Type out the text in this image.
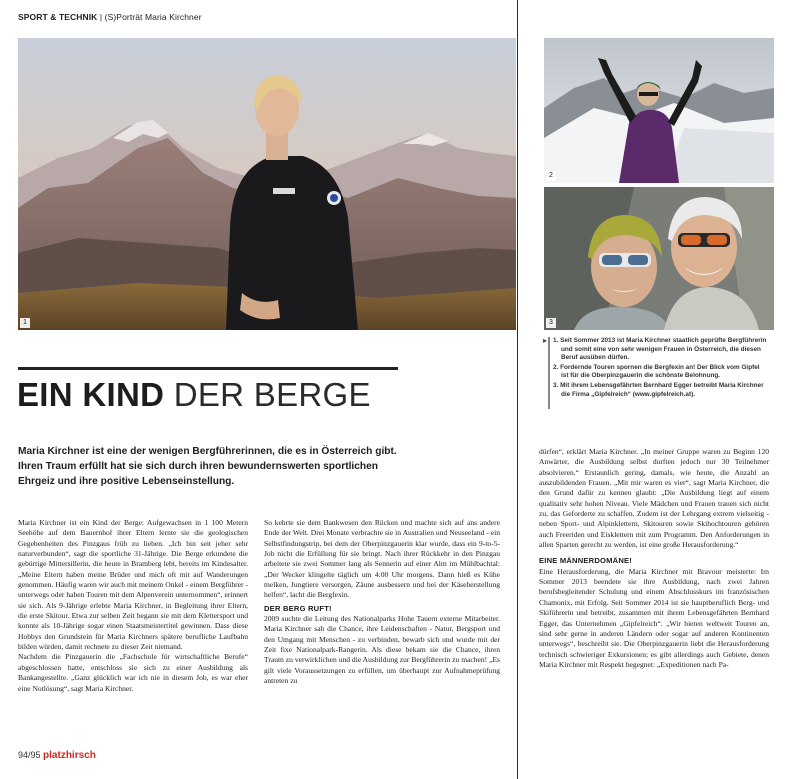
SPORT & TECHNIK | (S)Porträt Maria Kirchner
1
2
3
▸ 1. Seit Sommer 2013 ist Maria Kirchner staatlich geprüfte Bergführerin und somit eine von sehr wenigen Frauen in Österreich, die diesen Beruf ausüben dürfen.

2. Fordernde Touren spornen die Bergfexin an! Der Blick vom Gipfel ist für die Oberpinzgauerin die schönste Belohnung.

3. Mit ihrem Lebensgefährten Bernhard Egger betreibt Maria Kirchner die Firma „Gipfelreich“ (www.gipfelreich.at).

EIN KIND DER BERGE
Maria Kirchner ist eine der wenigen Bergführerinnen, die es in Österreich gibt. Ihren Traum erfüllt hat sie sich durch ihren bewundernswerten sportlichen Ehrgeiz und ihre positive Lebenseinstellung.

Maria Kirchner ist ein Kind der Berge: Aufgewachsen in 1 100 Metern Seehöhe auf dem Bauernhof ihrer Eltern lernte sie die geologischen Gegebenheiten des Pinzgaus früh zu lieben. „Ich bin seit jeher sehr naturverbunden“, sagt die sportliche 31-Jährige. Die Berge erkundete die gebürtige Mittersillerin, die heute in Bramberg lebt, bereits im Kindesalter. „Meine Eltern haben meine Brüder und mich oft mit auf Wanderungen genommen. Häufig waren wir auch mit meinem Onkel - einem Bergführer - unterwegs oder haben Touren mit dem Alpenverein unternommen“, erinnert sie sich. Als 9-Jährige erlebte Maria Kirchner, in Begleitung ihrer Eltern, die erste Skitour. Etwa zur selben Zeit begann sie mit dem Klettersport und konnte als 10-Jährige sogar einen Staatsmeistertitel gewinnen. Dass diese Hobbys den Grundstein für Maria Kirchners spätere berufliche Laufbahn bilden würden, damit rechnete zu dieser Zeit niemand.

Nachdem die Pinzgauerin die „Fachschule für wirtschaftliche Berufe“ abgeschlossen hatte, entschloss sie sich zu einer Ausbildung als Bankangestellte. „Ganz glücklich war ich nie in diesem Job, es war eher eine Notlösung“, sagt Maria Kirchner.

So kehrte sie dem Bankwesen den Rücken und machte sich auf ans andere Ende der Welt. Drei Monate verbrachte sie in Australien und Neuseeland - ein Selbstfindungstrip, bei dem der Oberpinzgauerin klar wurde, dass ein 9-to-5-Job nicht die Erfüllung für sie bringt. Nach ihrer Rückkehr in den Pinzgau arbeitete sie zwei Sommer lang als Sennerin auf einer Alm im Mühlbachtal: „Der Wecker klingelte täglich um 4:00 Uhr morgens. Dann hieß es Kühe melken, Jungtiere versorgen, Zäune ausbessern und bei der Käseherstellung helfen“, lacht die Bergfexin.

DER BERG RUFT!

2009 suchte die Leitung des Nationalparks Hohe Tauern externe Mitarbeiter. Maria Kirchner sah die Chance, ihre Leidenschaften - Natur, Bergsport und den Umgang mit Menschen - zu verbinden, bewarb sich und wurde mit der Zeit fixe Nationalpark-Rangerin. Als diese bekam sie die Chance, ihren Traum zu verwirklichen und die Ausbildung zur Bergführerin zu machen! „Es gilt viele Voraussetzungen zu erfüllen, um überhaupt zur Aufnahmeprüfung antreten zu

dürfen“, erklärt Maria Kirchner. „In meiner Gruppe waren zu Beginn 120 Anwärter, die Ausbildung selbst durften jedoch nur 30 Teilnehmer absolvieren.“ Erstaunlich gering, damals, wie heute, die Anzahl an auszubildenden Frauen. „Mit mir waren es vier“, sagt Maria Kirchner, die den Grund dafür zu kennen glaubt: „Die Ausbildung liegt auf einem qualitativ sehr hohen Niveau. Viele Mädchen und Frauen trauen sich nicht zu, das Geforderte zu schaffen. Zudem ist der Lehrgang extrem vielseitig - neben Sport- und Alpinklettern, Skitouren sowie Skihochtouren gehören auch Freeriden und Eisklettern mit zum Programm. Den Anforderungen in allen Sparten gerecht zu werden, ist eine große Herausforderung.“

EINE MÄNNERDOMÄNE!

Eine Herausforderung, die Maria Kirchner mit Bravour meisterte: Im Sommer 2013 beendete sie ihre Ausbildung, nach zwei Jahren berufsbegleitender Schulung und einem Abschlusskurs im französischen Chamonix, mit Erfolg. Seit Sommer 2014 ist sie hauptberuflich Berg- und Skiführerin und betreibt, zusammen mit ihrem Lebensgefährten Bernhard Egger, das Unternehmen „Gipfelreich“. „Wir bieten weltweit Touren an, sind sehr gerne in anderen Ländern oder sogar auf anderen Kontinenten unterwegs“, beschreibt sie. Die Oberpinzgauerin liebt die Herausforderung technisch schwieriger Exkursionen; es gibt allerdings auch Gebiete, denen Maria Kirchner mit Respekt begegnet: „Expeditionen nach Pa-

94/95 platzhirsch
